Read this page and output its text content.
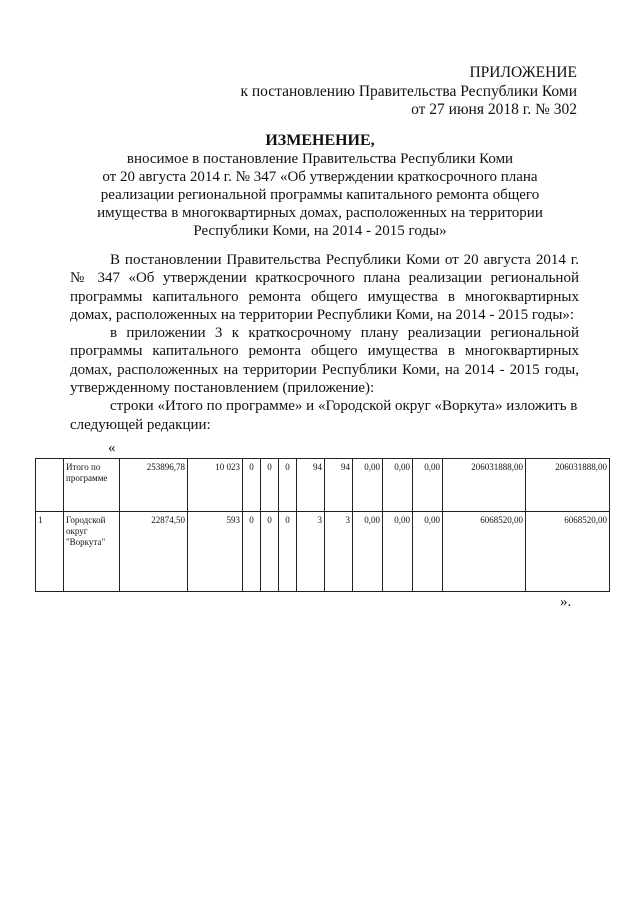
ПРИЛОЖЕНИЕ
к постановлению Правительства Республики Коми
от 27 июня 2018 г. № 302
ИЗМЕНЕНИЕ,
вносимое в постановление Правительства Республики Коми
от 20 августа 2014 г. № 347 «Об утверждении краткосрочного плана
реализации региональной программы капитального ремонта общего
имущества в многоквартирных домах, расположенных на территории
Республики Коми, на 2014 - 2015 годы»
В постановлении Правительства Республики Коми от 20 августа 2014 г. № 347 «Об утверждении краткосрочного плана реализации региональной программы капитального ремонта общего имущества в многоквартирных домах, расположенных на территории Республики Коми, на 2014 - 2015 годы»:
в приложении 3 к краткосрочному плану реализации региональной программы капитального ремонта общего имущества в многоквартирных домах, расположенных на территории Республики Коми, на 2014 - 2015 годы, утвержденному постановлением (приложение):
строки «Итого по программе» и «Городской округ «Воркута» изложить в следующей редакции:
«
	Итого по программе	253896,78	10 023	0	0	0	94	94	0,00	0,00	0,00	206031888,00	206031888,00
1	Городской округ "Воркута"	22874,50	593	0	0	0	3	3	0,00	0,00	0,00	6068520,00	6068520,00
».
